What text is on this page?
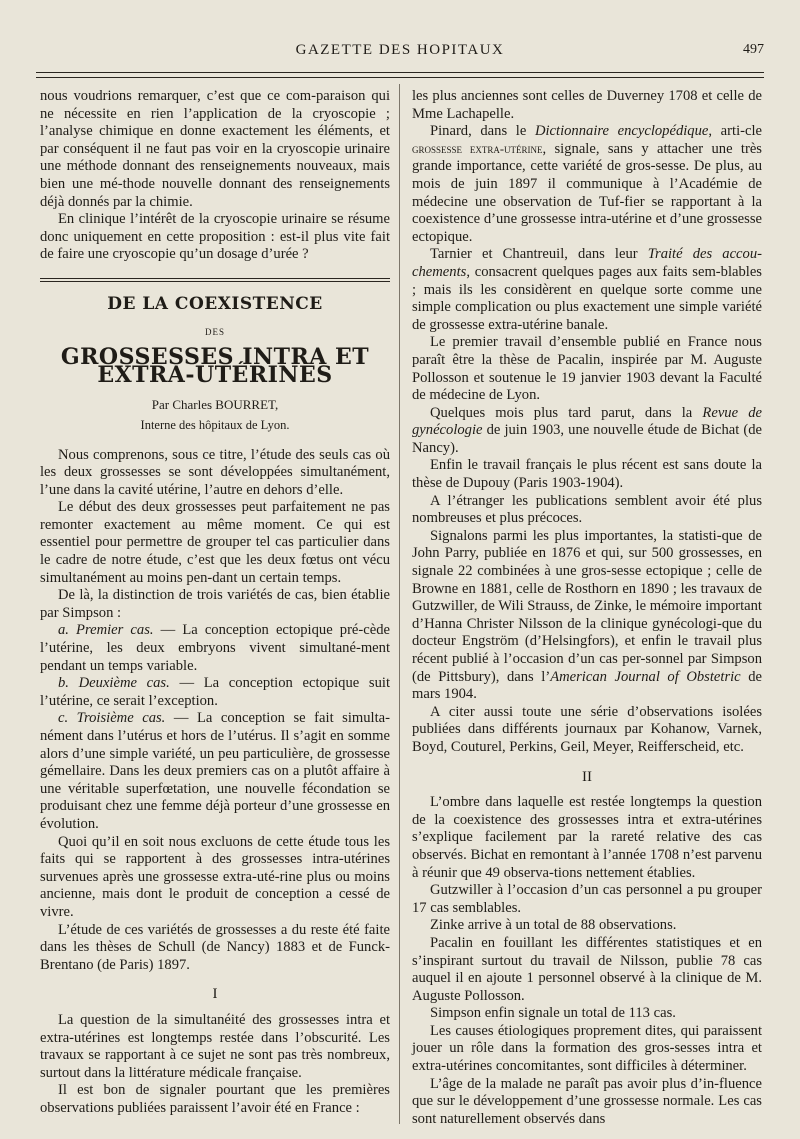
GAZETTE DES HOPITAUX	497

nous voudrions remarquer, c’est que ce com-paraison qui ne nécessite en rien l’application de la cryoscopie ; l’analyse chimique en donne exactement les éléments, et par conséquent il ne faut pas voir en la cryoscopie urinaire une méthode donnant des renseignements nouveaux, mais bien une mé-thode nouvelle donnant des renseignements déjà donnés par la chimie.

En clinique l’intérêt de la cryoscopie urinaire se résume donc uniquement en cette proposition : est-il plus vite fait de faire une cryoscopie qu’un dosage d’urée ?

DE LA COEXISTENCE
DES
GROSSESSES INTRA ET EXTRA-UTÉRINES
Par Charles BOURRET,
Interne des hôpitaux de Lyon.

Nous comprenons, sous ce titre, l’étude des seuls cas où les deux grossesses se sont développées simultanément, l’une dans la cavité utérine, l’autre en dehors d’elle.

Le début des deux grossesses peut parfaitement ne pas remonter exactement au même moment. Ce qui est essentiel pour permettre de grouper tel cas particulier dans le cadre de notre étude, c’est que les deux fœtus ont vécu simultanément au moins pen-dant un certain temps.

De là, la distinction de trois variétés de cas, bien établie par Simpson :

a. Premier cas. — La conception ectopique pré-cède l’utérine, les deux embryons vivent simultané-ment pendant un temps variable.

b. Deuxième cas. — La conception ectopique suit l’utérine, ce serait l’exception.

c. Troisième cas. — La conception se fait simulta-nément dans l’utérus et hors de l’utérus. Il s’agit en somme alors d’une simple variété, un peu particulière, de grossesse gémellaire. Dans les deux premiers cas on a plutôt affaire à une véritable superfœtation, une nouvelle fécondation se produisant chez une femme déjà porteur d’une grossesse en évolution.

Quoi qu’il en soit nous excluons de cette étude tous les faits qui se rapportent à des grossesses intra-utérines survenues après une grossesse extra-uté-rine plus ou moins ancienne, mais dont le produit de conception a cessé de vivre.

L’étude de ces variétés de grossesses a du reste été faite dans les thèses de Schull (de Nancy) 1883 et de Funck-Brentano (de Paris) 1897.

I

La question de la simultanéité des grossesses intra et extra-utérines est longtemps restée dans l’obscurité. Les travaux se rapportant à ce sujet ne sont pas très nombreux, surtout dans la littérature médicale française.

Il est bon de signaler pourtant que les premières observations publiées paraissent l’avoir été en France :

les plus anciennes sont celles de Duverney 1708 et celle de Mme Lachapelle.

Pinard, dans le Dictionnaire encyclopédique, arti-cle grossesse extra-utérine, signale, sans y attacher une très grande importance, cette variété de gros-sesse. De plus, au mois de juin 1897 il communique à l’Académie de médecine une observation de Tuf-fier se rapportant à la coexistence d’une grossesse intra-utérine et d’une grossesse ectopique.

Tarnier et Chantreuil, dans leur Traité des accou-chements, consacrent quelques pages aux faits sem-blables ; mais ils les considèrent en quelque sorte comme une simple complication ou plus exactement une simple variété de grossesse extra-utérine banale.

Le premier travail d’ensemble publié en France nous paraît être la thèse de Pacalin, inspirée par M. Auguste Pollosson et soutenue le 19 janvier 1903 devant la Faculté de médecine de Lyon.

Quelques mois plus tard parut, dans la Revue de gynécologie de juin 1903, une nouvelle étude de Bichat (de Nancy).

Enfin le travail français le plus récent est sans doute la thèse de Dupouy (Paris 1903-1904).

A l’étranger les publications semblent avoir été plus nombreuses et plus précoces.

Signalons parmi les plus importantes, la statisti-que de John Parry, publiée en 1876 et qui, sur 500 grossesses, en signale 22 combinées à une gros-sesse ectopique ; celle de Browne en 1881, celle de Rosthorn en 1890 ; les travaux de Gutzwiller, de Wili Strauss, de Zinke, le mémoire important d’Hanna Christer Nilsson de la clinique gynécologi-que du docteur Engström (d’Helsingfors), et enfin le travail plus récent publié à l’occasion d’un cas per-sonnel par Simpson (de Pittsbury), dans l’American Journal of Obstetric de mars 1904.

A citer aussi toute une série d’observations isolées publiées dans différents journaux par Kohanow, Varnek, Boyd, Couturel, Perkins, Geil, Meyer, Reifferscheid, etc.

II

L’ombre dans laquelle est restée longtemps la question de la coexistence des grossesses intra et extra-utérines s’explique facilement par la rareté relative des cas observés. Bichat en remontant à l’année 1708 n’est parvenu à réunir que 49 observa-tions nettement établies.

Gutzwiller à l’occasion d’un cas personnel a pu grouper 17 cas semblables.

Zinke arrive à un total de 88 observations.

Pacalin en fouillant les différentes statistiques et en s’inspirant surtout du travail de Nilsson, publie 78 cas auquel il en ajoute 1 personnel observé à la clinique de M. Auguste Pollosson.

Simpson enfin signale un total de 113 cas.

Les causes étiologiques proprement dites, qui paraissent jouer un rôle dans la formation des gros-sesses intra et extra-utérines concomitantes, sont difficiles à déterminer.

L’âge de la malade ne paraît pas avoir plus d’in-fluence que sur le développement d’une grossesse normale. Les cas sont naturellement observés dans
